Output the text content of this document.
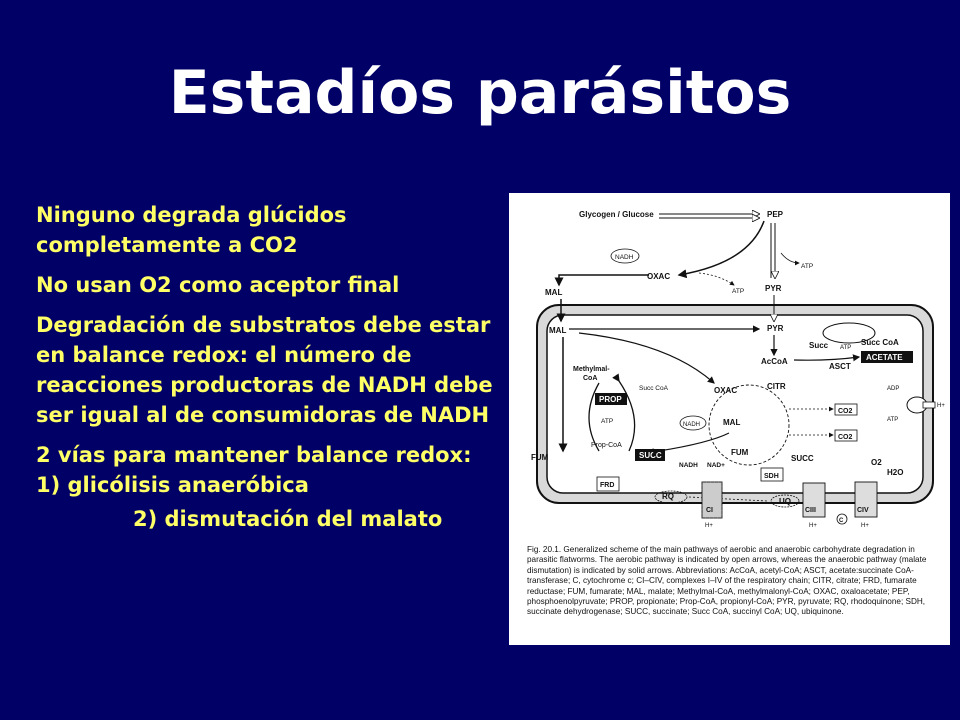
Estadíos parásitos

Ninguno degrada glúcidos completamente a CO2

No usan O2 como aceptor final

Degradación de substratos debe estar en balance redox: el número de reacciones productoras de NADH debe ser igual al de consumidoras de NADH

2 vías para mantener balance redox: 1) glicólisis anaeróbica

2) dismutación del malato

Glycogen / Glucose	PEP
NADH
OXAC
ATP
ATP
PYR
MAL
MAL	PYR
Succ ATP
Succ CoA
ACETATE
ASCT
AcCoA
Methylmal-
CoA
Succ CoA
PROP
ATP
Prop-CoA
SUCC
OXAC	CITR
CO2
CO2
NADH	MAL
FUM
SUCC
ADP
ATP
H+
FUM
NADH NAD+
FRD
SDH
O2
H2O
RQ
UQ
CI
H+
CIII
H+
C
CIV
H+
Fig. 20.1. Generalized scheme of the main pathways of aerobic and anaerobic carbohydrate degradation in parasitic flatworms. The aerobic pathway is indicated by open arrows, whereas the anaerobic pathway (malate dismutation) is indicated by solid arrows. Abbreviations: AcCoA, acetyl-CoA; ASCT, acetate:succinate CoA-transferase; C, cytochrome c; CI–CIV, complexes I–IV of the respiratory chain; CITR, citrate; FRD, fumarate reductase; FUM, fumarate; MAL, malate; Methylmal-CoA, methylmalonyl-CoA; OXAC, oxaloacetate; PEP, phosphoenolpyruvate; PROP, propionate; Prop-CoA, propionyl-CoA; PYR, pyruvate; RQ, rhodoquinone; SDH, succinate dehydrogenase; SUCC, succinate; Succ CoA, succinyl CoA; UQ, ubiquinone.
